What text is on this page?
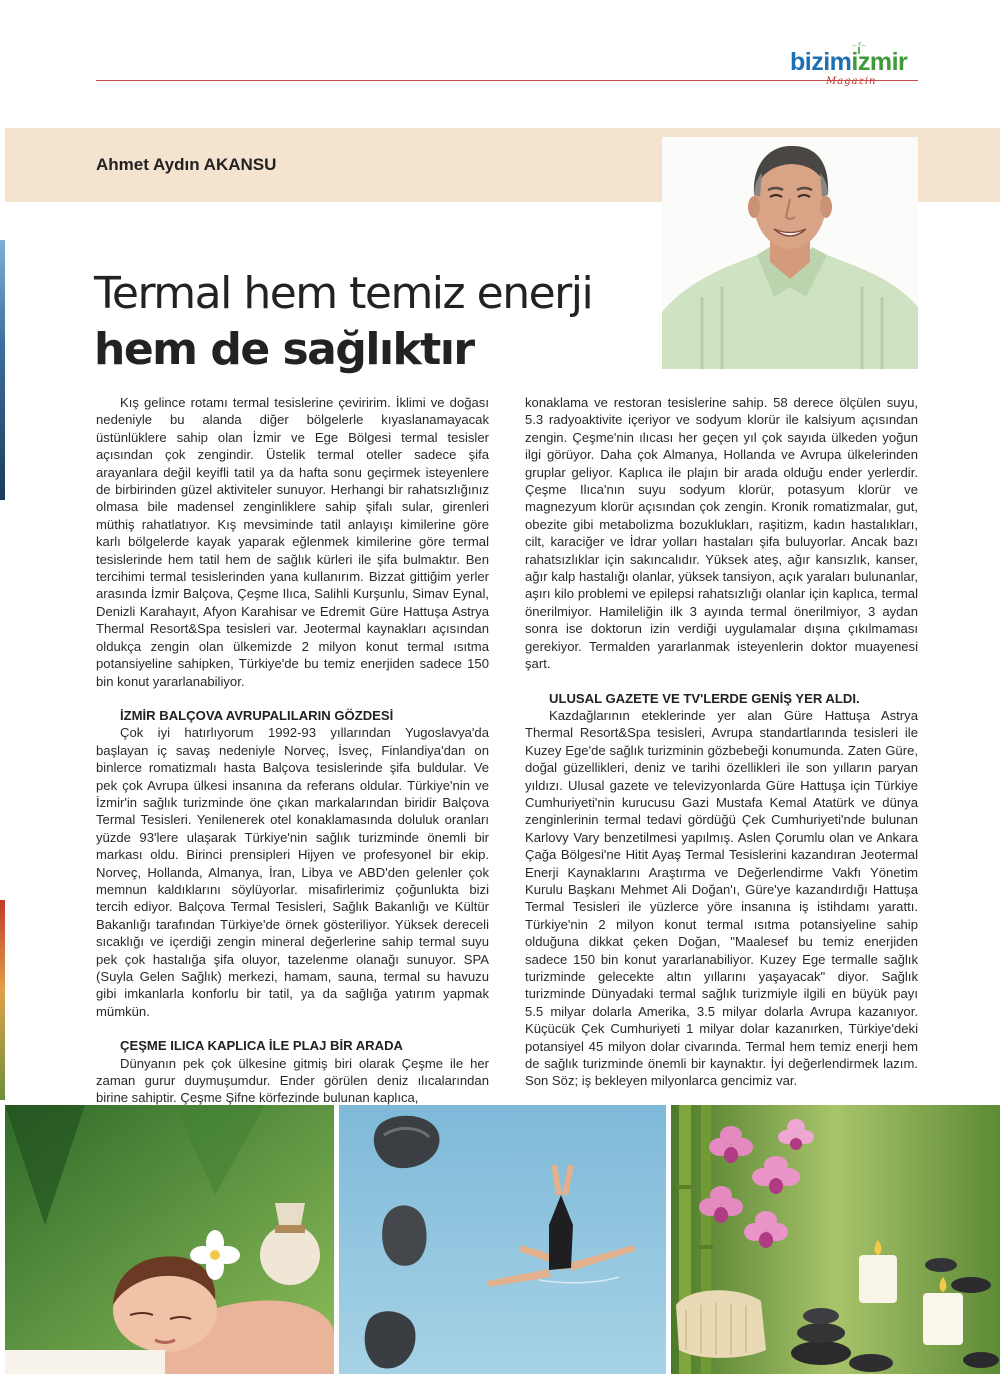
bizimizmir
Magazin
Ahmet Aydın AKANSU
Termal hem temiz enerji
hem de sağlıktır

Kış gelince rotamı termal tesislerine çeviririm. İklimi ve doğası nedeniyle bu alanda diğer bölgelerle kıyaslanamayacak üstünlüklere sahip olan İzmir ve Ege Bölgesi termal tesisler açısından çok zengindir. Üstelik termal oteller sadece şifa arayanlara değil keyifli tatil ya da hafta sonu geçirmek isteyenlere de birbirinden güzel aktiviteler sunuyor. Herhangi bir rahatsızlığınız olmasa bile madensel zenginliklere sahip şifalı sular, girenleri müthiş rahatlatıyor. Kış mevsiminde tatil anlayışı kimilerine göre karlı bölgelerde kayak yaparak eğlenmek kimilerine göre termal tesislerinde hem tatil hem de sağlık kürleri ile şifa bulmaktır. Ben tercihimi termal tesislerinden yana kullanırım. Bizzat gittiğim yerler arasında İzmir Balçova, Çeşme Ilıca, Salihli Kurşunlu, Simav Eynal, Denizli Karahayıt, Afyon Karahisar ve Edremit Güre Hattuşa Astrya Thermal Resort&Spa tesisleri var. Jeotermal kaynakları açısından oldukça zengin olan ülkemizde 2 milyon konut termal ısıtma potansiyeline sahipken, Türkiye'de bu temiz enerjiden sadece 150 bin konut yararlanabiliyor.

İZMİR BALÇOVA AVRUPALILARIN GÖZDESİ

Çok iyi hatırlıyorum 1992-93 yıllarından Yugoslavya'da başlayan iç savaş nedeniyle Norveç, İsveç, Finlandiya'dan on binlerce romatizmalı hasta Balçova tesislerinde şifa buldular. Ve pek çok Avrupa ülkesi insanına da referans oldular. Türkiye'nin ve İzmir'in sağlık turizminde öne çıkan markalarından biridir Balçova Termal Tesisleri. Yenilenerek otel konaklamasında doluluk oranları yüzde 93'lere ulaşarak Türkiye'nin sağlık turizminde önemli bir markası oldu. Birinci prensipleri Hijyen ve profesyonel bir ekip. Norveç, Hollanda, Almanya, İran, Libya ve ABD'den gelenler çok memnun kaldıklarını söylüyorlar. misafirlerimiz çoğunlukta bizi tercih ediyor. Balçova Termal Tesisleri, Sağlık Bakanlığı ve Kültür Bakanlığı tarafından Türkiye'de örnek gösteriliyor. Yüksek dereceli sıcaklığı ve içerdiği zengin mineral değerlerine sahip termal suyu pek çok hastalığa şifa oluyor, tazelenme olanağı sunuyor. SPA (Suyla Gelen Sağlık) merkezi, hamam, sauna, termal su havuzu gibi imkanlarla konforlu bir tatil, ya da sağlığa yatırım yapmak mümkün.

ÇEŞME ILICA KAPLICA İLE PLAJ BİR ARADA

Dünyanın pek çok ülkesine gitmiş biri olarak Çeşme ile her zaman gurur duymuşumdur. Ender görülen deniz ılıcalarından birine sahiptir. Çeşme Şifne körfezinde bulunan kaplıca,

konaklama ve restoran tesislerine sahip. 58 derece ölçülen suyu, 5.3 radyoaktivite içeriyor ve sodyum klorür ile kalsiyum açısından zengin. Çeşme'nin ılıcası her geçen yıl çok sayıda ülkeden yoğun ilgi görüyor. Daha çok Almanya, Hollanda ve Avrupa ülkelerinden gruplar geliyor. Kaplıca ile plajın bir arada olduğu ender yerlerdir. Çeşme Ilıca'nın suyu sodyum klorür, potasyum klorür ve magnezyum klorür açısından çok zengin. Kronik romatizmalar, gut, obezite gibi metabolizma bozuklukları, raşitizm, kadın hastalıkları, cilt, karaciğer ve İdrar yolları hastaları şifa buluyorlar. Ancak bazı rahatsızlıklar için sakıncalıdır. Yüksek ateş, ağır kansızlık, kanser, ağır kalp hastalığı olanlar, yüksek tansiyon, açık yaraları bulunanlar, aşırı kilo problemi ve epilepsi rahatsızlığı olanlar için kaplıca, termal önerilmiyor. Hamileliğin ilk 3 ayında termal önerilmiyor, 3 aydan sonra ise doktorun izin verdiği uygulamalar dışına çıkılmaması gerekiyor. Termalden yararlanmak isteyenlerin doktor muayenesi şart.

ULUSAL GAZETE VE TV'LERDE GENİŞ YER ALDI.

Kazdağlarının eteklerinde yer alan Güre Hattuşa Astrya Thermal Resort&Spa tesisleri, Avrupa standartlarında tesisleri ile Kuzey Ege'de sağlık turizminin gözbebeği konumunda. Zaten Güre, doğal güzellikleri, deniz ve tarihi özellikleri ile son yılların paryan yıldızı. Ulusal gazete ve televizyonlarda Güre Hattuşa için Türkiye Cumhuriyeti'nin kurucusu Gazi Mustafa Kemal Atatürk ve dünya zenginlerinin termal tedavi gördüğü Çek Cumhuriyeti'nde bulunan Karlovy Vary benzetilmesi yapılmış. Aslen Çorumlu olan ve Ankara Çağa Bölgesi'ne Hitit Ayaş Termal Tesislerini kazandıran Jeotermal Enerji Kaynaklarını Araştırma ve Değerlendirme Vakfı Yönetim Kurulu Başkanı Mehmet Ali Doğan'ı, Güre'ye kazandırdığı Hattuşa Termal Tesisleri ile yüzlerce yöre insanına iş istihdamı yarattı. Türkiye'nin 2 milyon konut termal ısıtma potansiyeline sahip olduğuna dikkat çeken Doğan, "Maalesef bu temiz enerjiden sadece 150 bin konut yararlanabiliyor. Kuzey Ege termalle sağlık turizminde gelecekte altın yıllarını yaşayacak" diyor. Sağlık turizminde Dünyadaki termal sağlık turizmiyle ilgili en büyük payı 5.5 milyar dolarla Amerika, 3.5 milyar dolarla Avrupa kazanıyor. Küçücük Çek Cumhuriyeti 1 milyar dolar kazanırken, Türkiye'deki potansiyel 45 milyon dolar civarında. Termal hem temiz enerji hem de sağlık turizminde önemli bir kaynaktır. İyi değerlendirmek lazım. Son Söz; iş bekleyen milyonlarca gencimiz var.
